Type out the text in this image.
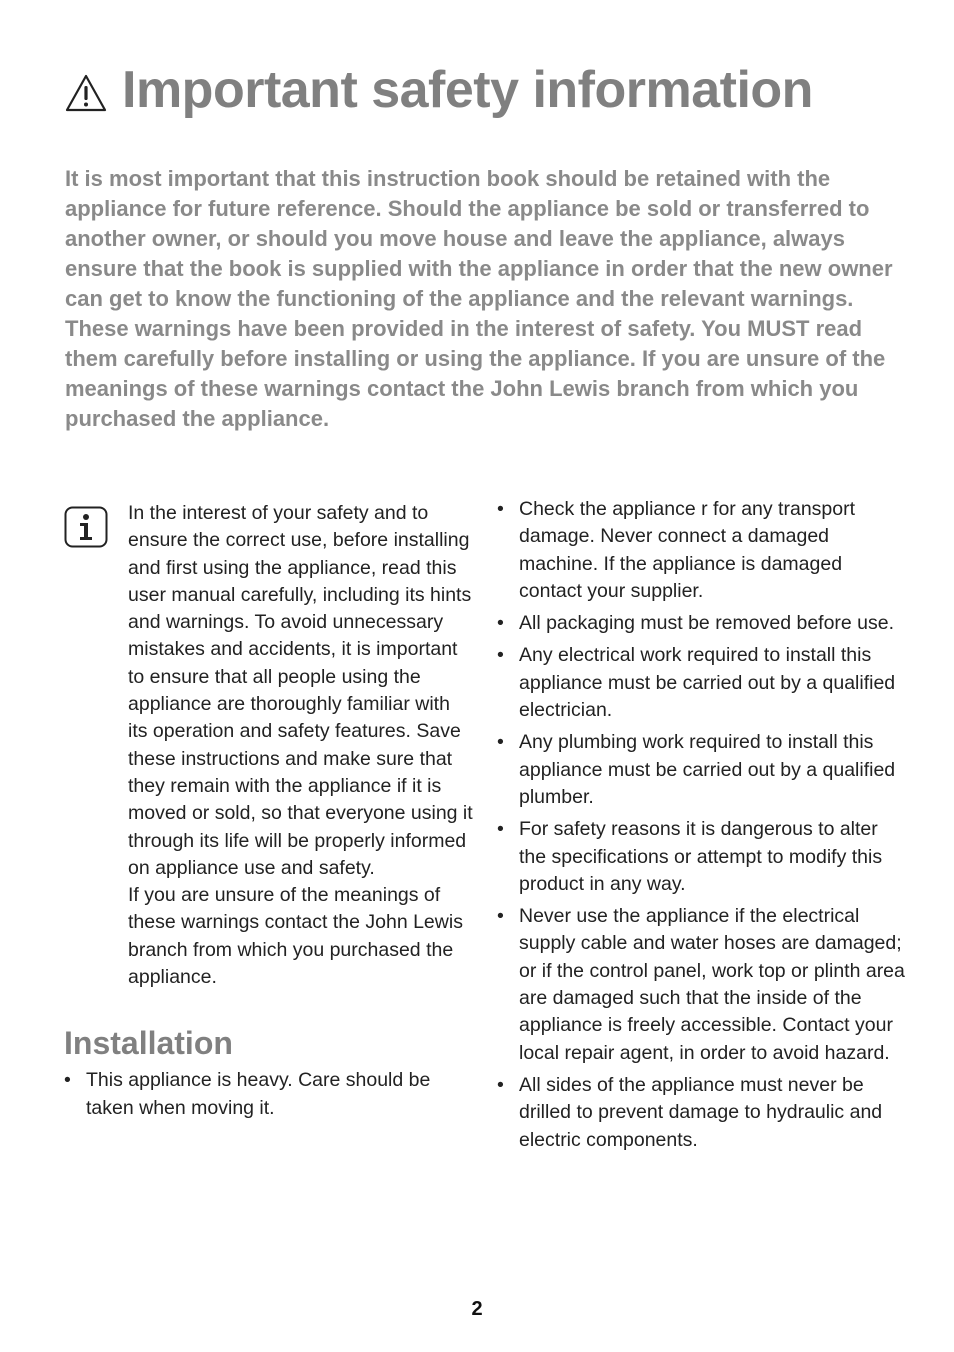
Important safety information

It is most important that this instruction book should be retained with the appliance for future reference. Should the appliance be sold or transferred to another owner, or should you move house and leave the appliance, always ensure that the book is supplied with the appliance in order that the new owner can get to know the functioning of the appliance and the relevant warnings.

These warnings have been provided in the interest of safety. You MUST read them carefully before installing or using the appliance. If you are unsure of the meanings of these warnings contact the John Lewis branch from which you purchased the appliance.

In the interest of your safety and to ensure the correct use, before installing and first using the appliance, read this user manual carefully, including its hints and warnings. To avoid unnecessary mistakes and accidents, it is important to ensure that all people using the appliance are thoroughly familiar with its operation and safety features. Save these instructions and make sure that they remain with the appliance if it is moved or sold, so that everyone using it through its life will be properly informed on appliance use and safety.

If you are unsure of the meanings of these warnings contact the John Lewis branch from which you purchased the appliance.

Installation
• This appliance is heavy. Care should be taken when moving it.
• Check the appliance r for any transport damage. Never connect a damaged machine. If the appliance is damaged contact your supplier.
• All packaging must be removed before use.
• Any electrical work required to install this appliance must be carried out by a qualified electrician.
• Any plumbing work required to install this appliance must be carried out by a qualified plumber.
• For safety reasons it is dangerous to alter the specifications or attempt to modify this product in any way.
• Never use the appliance if the electrical supply cable and water hoses are damaged; or if the control panel, work top or plinth area are damaged such that the inside of the appliance is freely accessible. Contact your local repair agent, in order to avoid hazard.
• All sides of the appliance must never be drilled to prevent damage to hydraulic and electric components.
2
